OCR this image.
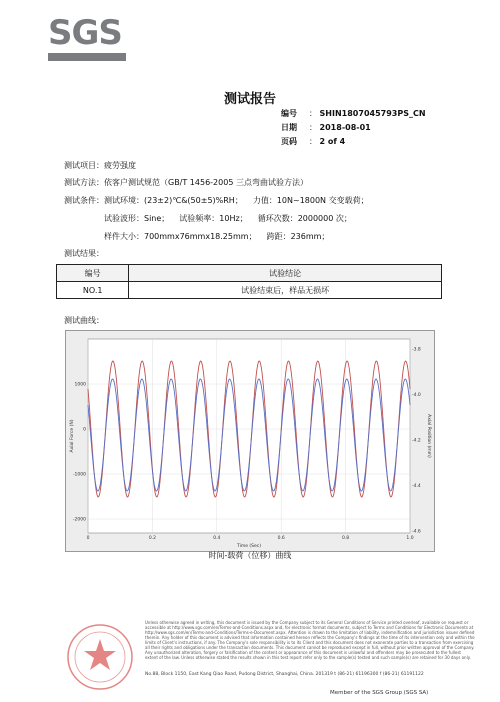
SGS
测试报告
编号 ： SHIN1807045793PS_CN
日期 ： 2018-08-01
页码 ： 2 of 4
测试项目：疲劳强度
测试方法：依客户测试规范（GB/T 1456-2005 三点弯曲试验方法）
测试条件：测试环境：(23±2)℃&(50±5)%RH； 力值：10N~1800N 交变载荷；
试验波形：Sine； 试验频率：10Hz； 循环次数：2000000 次；
样件大小：700mmx76mmx18.25mm； 跨距：236mm；
测试结果：
编号	试验结论
NO.1	试验结束后，样品无损坏
测试曲线：
0	0.2	0.4	0.6	0.8	1.0
1000
0
-1000
-2000
-3.8
-4.0
-4.2
-4.4
-4.6
Time (Sec)
Axial Force (N)	Axial Position (mm)
时间-载荷（位移）曲线
Unless otherwise agreed in writing, this document is issued by the Company subject to its General Conditions of Service printed overleaf, available on request or accessible at http://www.sgs.com/en/Terms-and-Conditions.aspx and, for electronic format documents, subject to Terms and Conditions for Electronic Documents at http://www.sgs.com/en/Terms-and-Conditions/Terms-e-Document.aspx. Attention is drawn to the limitation of liability, indemnification and jurisdiction issues defined therein. Any holder of this document is advised that information contained hereon reflects the Company's findings at the time of its intervention only and within the limits of Client's instructions, if any. The Company's sole responsibility is to its Client and this document does not exonerate parties to a transaction from exercising all their rights and obligations under the transaction documents. This document cannot be reproduced except in full, without prior written approval of the Company. Any unauthorized alteration, forgery or falsification of the content or appearance of this document is unlawful and offenders may be prosecuted to the fullest extent of the law. Unless otherwise stated the results shown in this test report refer only to the sample(s) tested and such sample(s) are retained for 30 days only.
No.88, Block 1150, East Kang Qiao Road, Pudong District, Shanghai, China. 201319 t (86-21) 61196300 f (86-21) 61191122
Member of the SGS Group (SGS SA)
